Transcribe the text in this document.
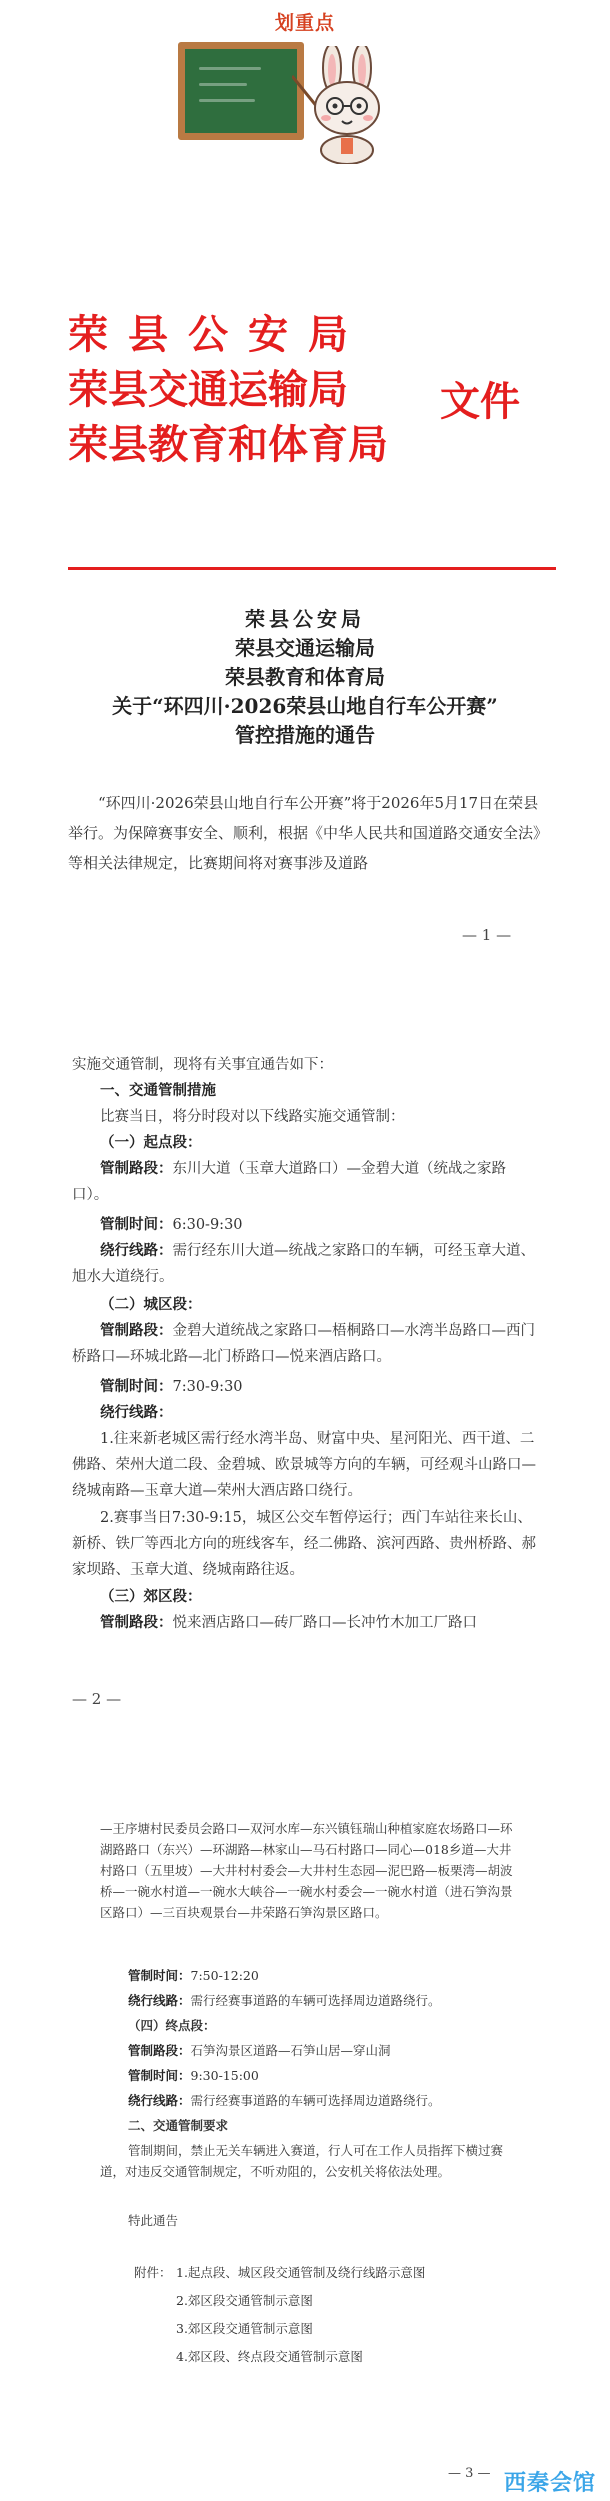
划重点
荣县公安局
荣县交通运输局
荣县教育和体育局
文件
荣县公安局
荣县交通运输局
荣县教育和体育局
关于“环四川·2026荣县山地自行车公开赛”
管控措施的通告

“环四川·2026荣县山地自行车公开赛”将于2026年5月17日在荣县举行。为保障赛事安全、顺利，根据《中华人民共和国道路交通安全法》等相关法律规定，比赛期间将对赛事涉及道路

— 1 —
实施交通管制，现将有关事宜通告如下：
一、交通管制措施
比赛当日，将分时段对以下线路实施交通管制：
（一）起点段：
管制路段：东川大道（玉章大道路口）—金碧大道（统战之家路口）。
管制时间：6:30-9:30
绕行线路：需行经东川大道—统战之家路口的车辆，可经玉章大道、旭水大道绕行。
（二）城区段：
管制路段：金碧大道统战之家路口—梧桐路口—水湾半岛路口—西门桥路口—环城北路—北门桥路口—悦来酒店路口。
管制时间：7:30-9:30
绕行线路：
1.往来新老城区需行经水湾半岛、财富中央、星河阳光、西干道、二佛路、荣州大道二段、金碧城、欧景城等方向的车辆，可经观斗山路口—绕城南路—玉章大道—荣州大酒店路口绕行。
2.赛事当日7:30-9:15，城区公交车暂停运行；西门车站往来长山、新桥、铁厂等西北方向的班线客车，经二佛路、滨河西路、贵州桥路、郝家坝路、玉章大道、绕城南路往返。
（三）郊区段：
管制路段：悦来酒店路口—砖厂路口—长冲竹木加工厂路口
— 2 —
—王序塘村民委员会路口—双河水库—东兴镇钰瑞山种植家庭农场路口—环湖路路口（东兴）—环湖路—林家山—马石村路口—同心—018乡道—大井村路口（五里坡）—大井村村委会—大井村生态园—泥巴路—板栗湾—胡波桥—一碗水村道—一碗水大峡谷—一碗水村委会—一碗水村道（进石笋沟景区路口）—三百块观景台—井荣路石笋沟景区路口。
管制时间：7:50-12:20
绕行线路：需行经赛事道路的车辆可选择周边道路绕行。
（四）终点段：
管制路段：石笋沟景区道路—石笋山居—穿山洞
管制时间：9:30-15:00
绕行线路：需行经赛事道路的车辆可选择周边道路绕行。
二、交通管制要求
管制期间，禁止无关车辆进入赛道，行人可在工作人员指挥下横过赛道，对违反交通管制规定，不听劝阻的，公安机关将依法处理。
特此通告
附件： 1.起点段、城区段交通管制及绕行线路示意图
2.郊区段交通管制示意图
3.郊区段交通管制示意图
4.郊区段、终点段交通管制示意图
— 3 — 西秦会馆
